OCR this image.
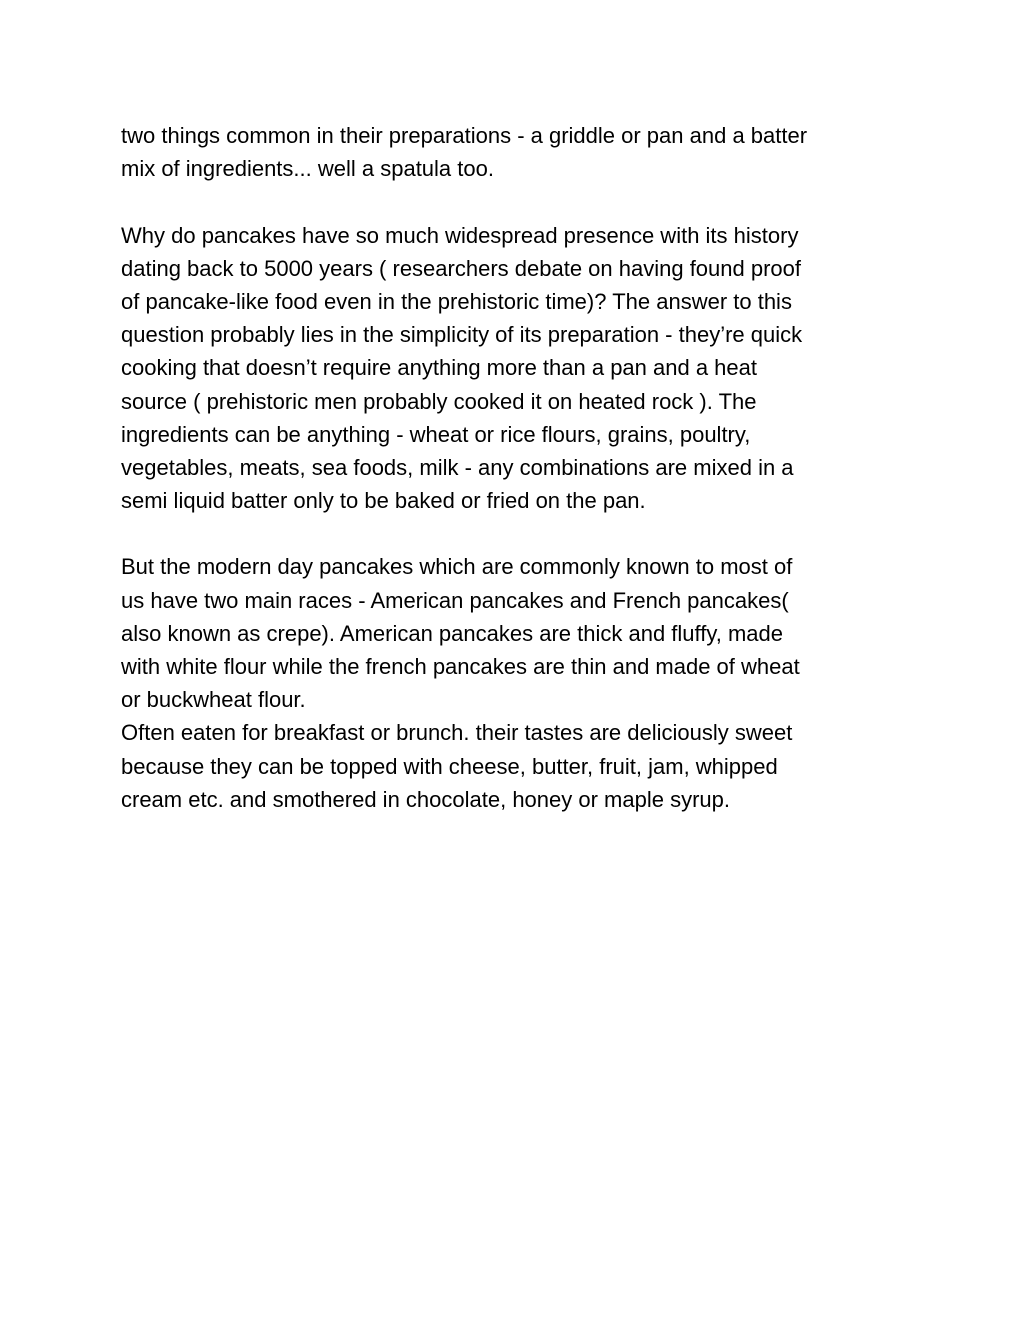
two things common in their preparations - a griddle or pan and a batter
mix of ingredients... well a spatula too.
Why do pancakes have so much widespread presence with its history
dating back to 5000 years ( researchers debate on having found proof
of pancake-like food even in the prehistoric time)? The answer to this
question probably lies in the simplicity of its preparation - they’re quick
cooking that doesn’t require anything more than a pan and a heat
source ( prehistoric men probably cooked it on heated rock ). The
ingredients can be anything - wheat or rice flours, grains, poultry,
vegetables, meats, sea foods, milk - any combinations are mixed in a
semi liquid batter only to be baked or fried on the pan.
But the modern day pancakes which are commonly known to most of
us have two main races - American pancakes and French pancakes(
also known as crepe). American pancakes are thick and fluffy, made
with white flour while the french pancakes are thin and made of wheat
or buckwheat flour.
Often eaten for breakfast or brunch. their tastes are deliciously sweet
because they can be topped with cheese, butter, fruit, jam, whipped
cream etc. and smothered in chocolate, honey or maple syrup.
